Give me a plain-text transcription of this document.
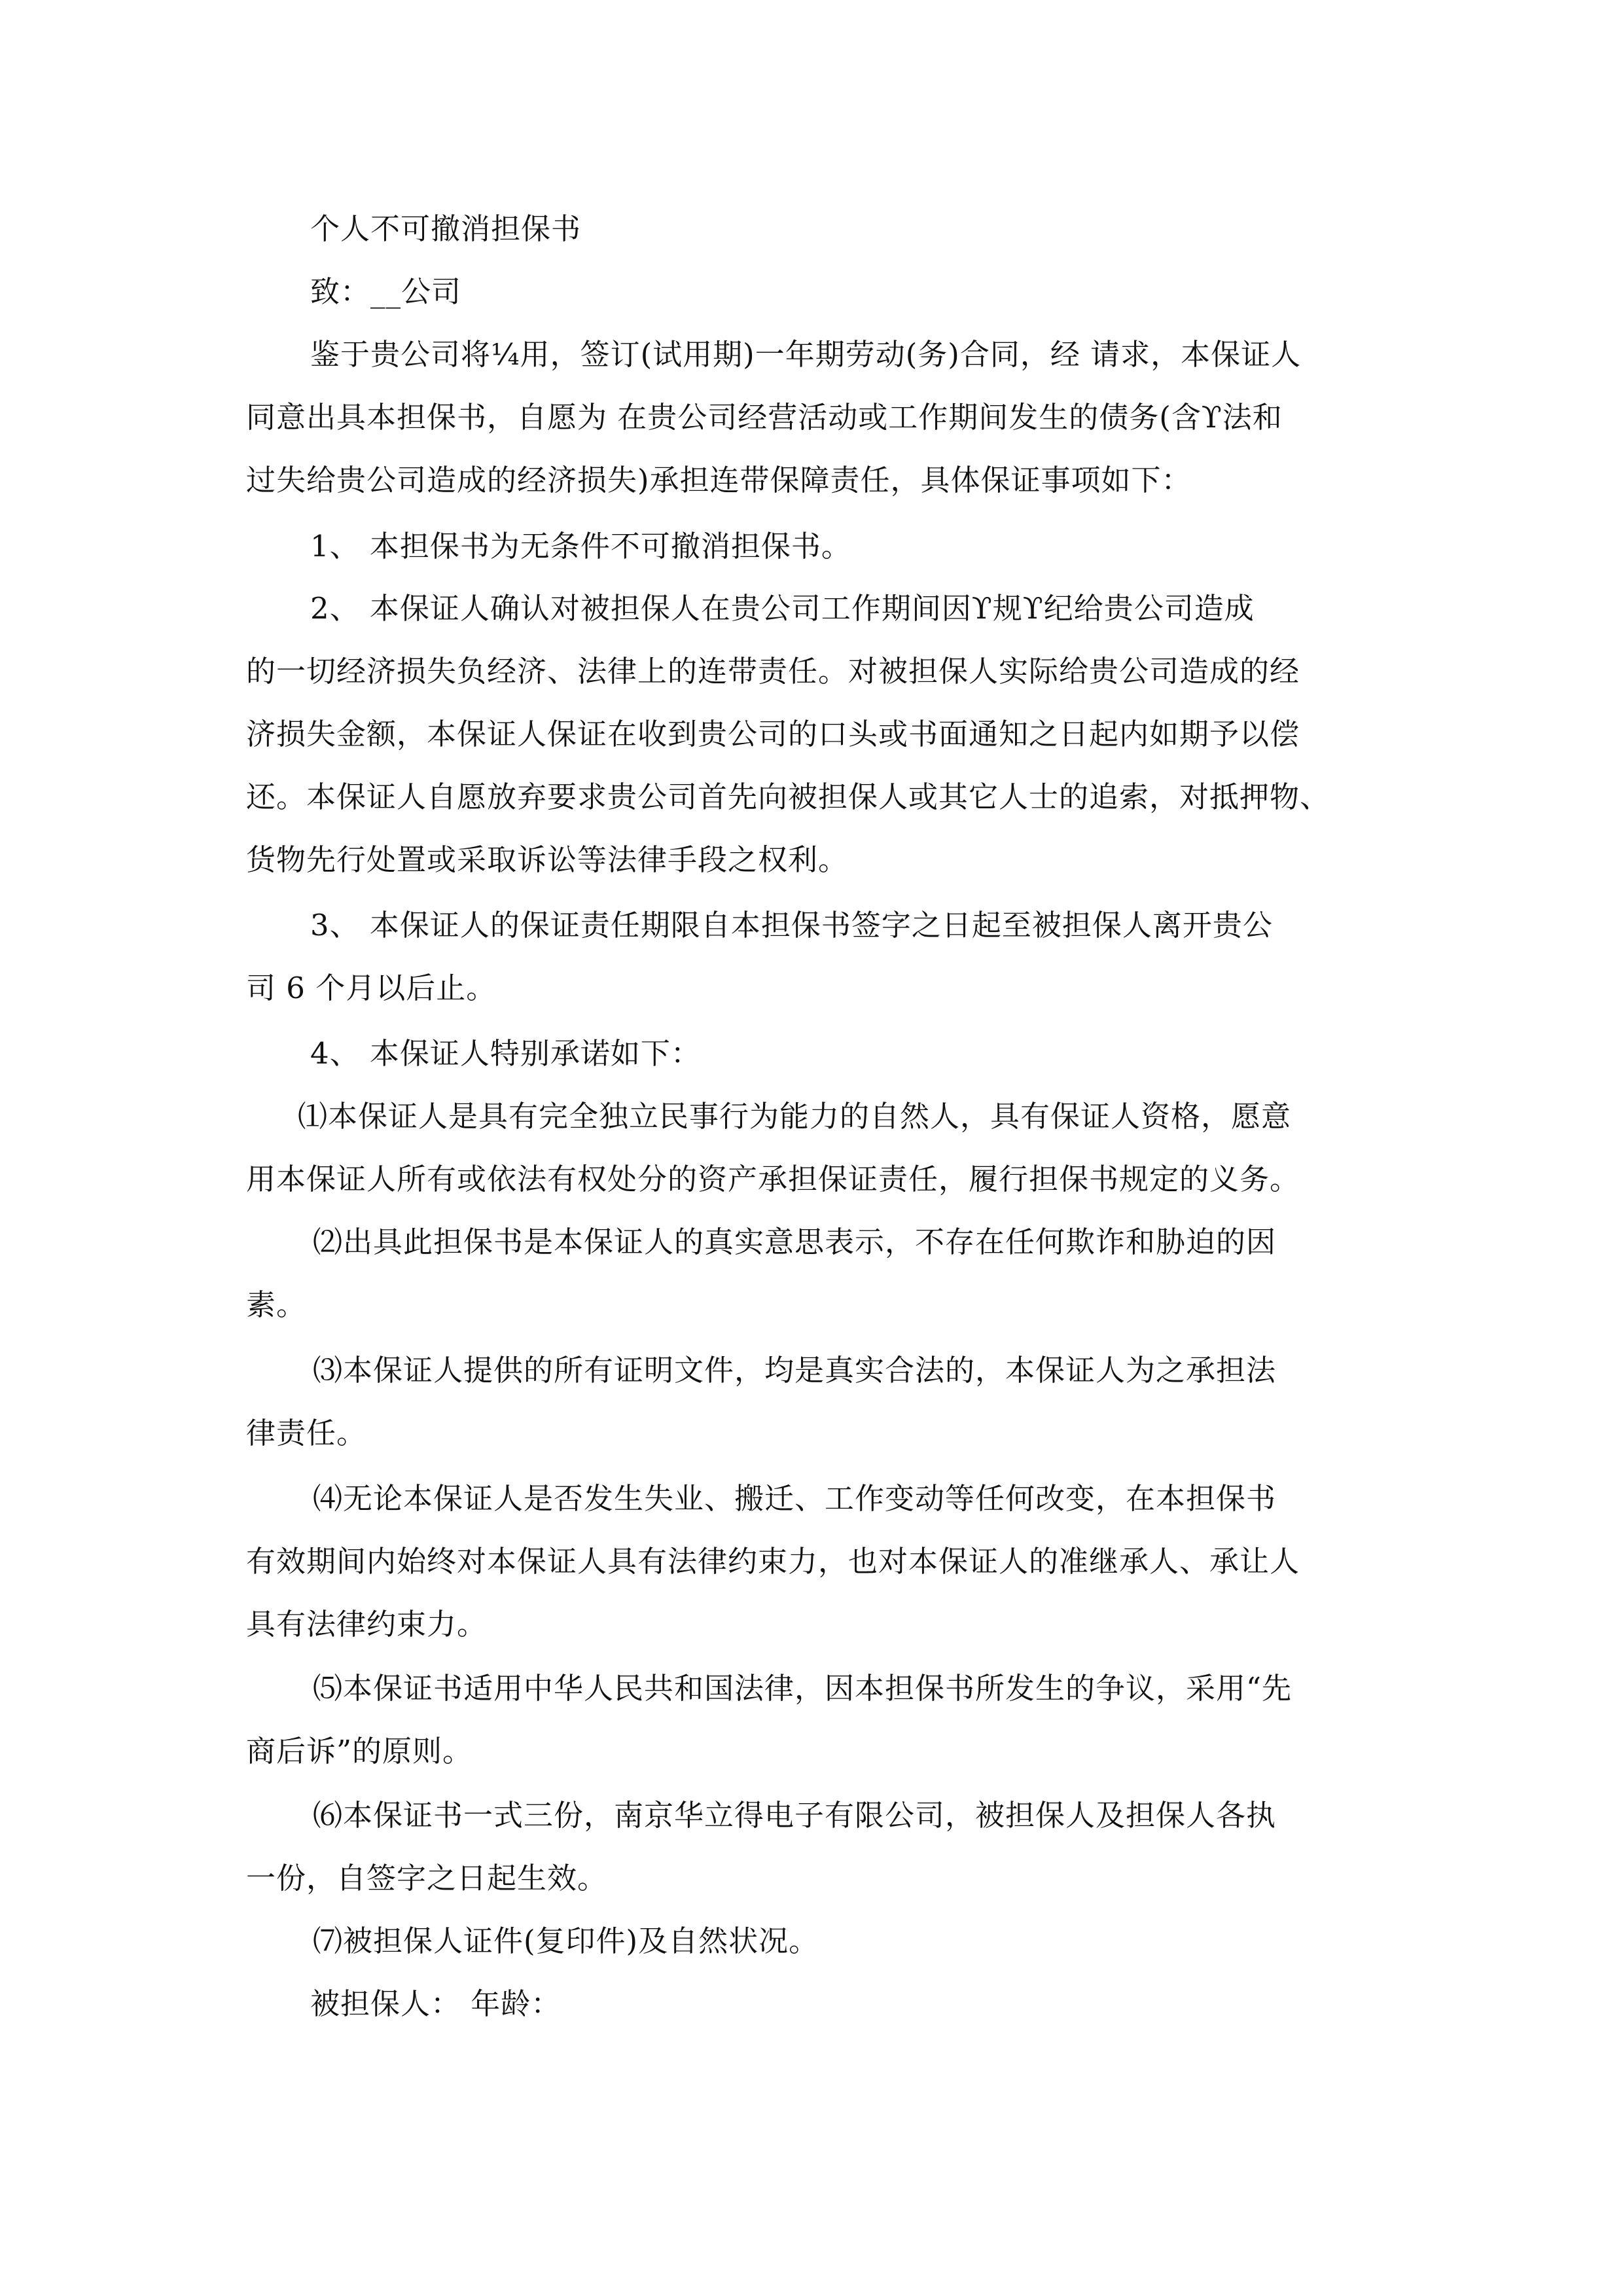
个人不可撤消担保书
致：__公司
鉴于贵公司将¼用，签订(试用期)一年期劳动(务)合同，经 请求，本保证人
同意出具本担保书，自愿为 在贵公司经营活动或工作期间发生的债务(含ϒ法和
过失给贵公司造成的经济损失)承担连带保障责任，具体保证事项如下：
1、 本担保书为无条件不可撤消担保书。
2、 本保证人确认对被担保人在贵公司工作期间因ϒ规ϒ纪给贵公司造成
的一切经济损失负经济、法律上的连带责任。对被担保人实际给贵公司造成的经
济损失金额，本保证人保证在收到贵公司的口头或书面通知之日起内如期予以偿
还。本保证人自愿放弃要求贵公司首先向被担保人或其它人士的追索，对抵押物、
货物先行处置或采取诉讼等法律手段之权利。
3、 本保证人的保证责任期限自本担保书签字之日起至被担保人离开贵公
司 6 个月以后止。
4、 本保证人特别承诺如下：
⑴本保证人是具有完全独立民事行为能力的自然人，具有保证人资格，愿意
用本保证人所有或依法有权处分的资产承担保证责任，履行担保书规定的义务。
⑵出具此担保书是本保证人的真实意思表示，不存在任何欺诈和胁迫的因
素。
⑶本保证人提供的所有证明文件，均是真实合法的，本保证人为之承担法
律责任。
⑷无论本保证人是否发生失业、搬迁、工作变动等任何改变，在本担保书
有效期间内始终对本保证人具有法律约束力，也对本保证人的准继承人、承让人
具有法律约束力。
⑸本保证书适用中华人民共和国法律，因本担保书所发生的争议，采用“先
商后诉”的原则。
⑹本保证书一式三份，南京华立得电子有限公司，被担保人及担保人各执
一份，自签字之日起生效。
⑺被担保人证件(复印件)及自然状况。
被担保人： 年龄：
